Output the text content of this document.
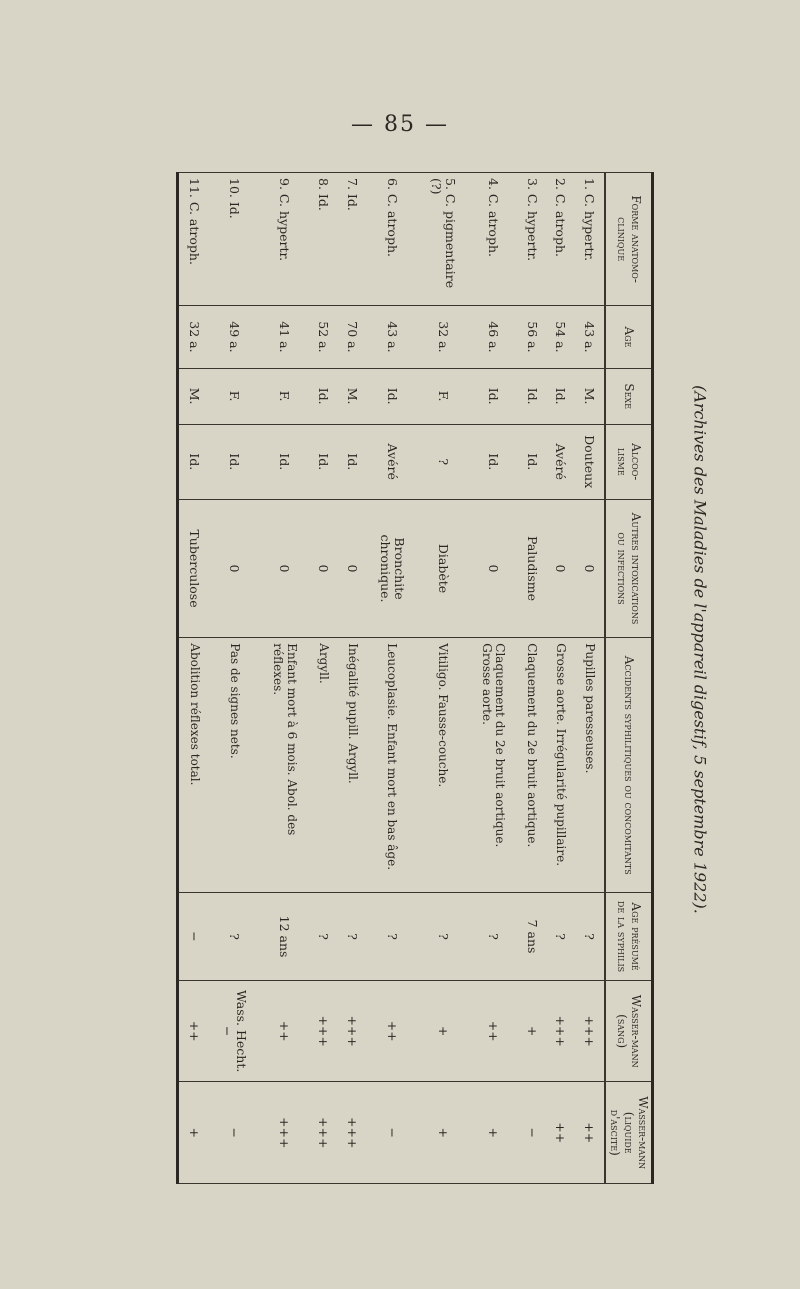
— 85 —
(Archives des Maladies de l'appareil digestif, 5 septembre 1922).
Forme anatomo-clinique	Age	Sexe	Alcoo-lisme	Autres intoxications ou infections	Accidents syphilitiques ou concomitants	Age présumé de la syphilis	Wasser-mann (sang)	Wasser-mann (liquide d'ascite)
1. C. hypertr.	43 a.	M.	Douteux	0	Pupilles paresseuses.	?	+++	++
2. C. atroph.	54 a.	Id.	Avéré	0	Grosse aorte. Irrégularité pupillaire.	?	+++	++
3. C. hypertr.	56 a.	Id.	Id.	Paludisme	Claquement du 2e bruit aortique.	7 ans	+	−
4. C. atroph.	46 a.	Id.	Id.	0	Claquement du 2e bruit aortique. Grosse aorte.	?	++	+
5. C. pigmentaire (?)	32 a.	F.	?	Diabète	Vitiligo. Fausse-couche.	?	+	+
6. C. atroph.	43 a.	Id.	Avéré	Bronchite chronique.	Leucoplasie. Enfant mort en bas âge.	?	++	−
7. Id.	70 a.	M.	Id.	0	Inégalité pupill. Argyll.	?	+++	+++
8. Id.	52 a.	Id.	Id.	0	Argyll.	?	+++	+++
9. C. hypertr.	41 a.	F.	Id.	0	Enfant mort à 6 mois. Abol. des réflexes.	12 ans	++	+++
10. Id.	49 a.	F.	Id.	0	Pas de signes nets.	?	Wass. Hecht. −	−
11. C. atroph.	32 a.	M.	Id.	Tuberculose	Abolition réflexes total.	−	++	+
